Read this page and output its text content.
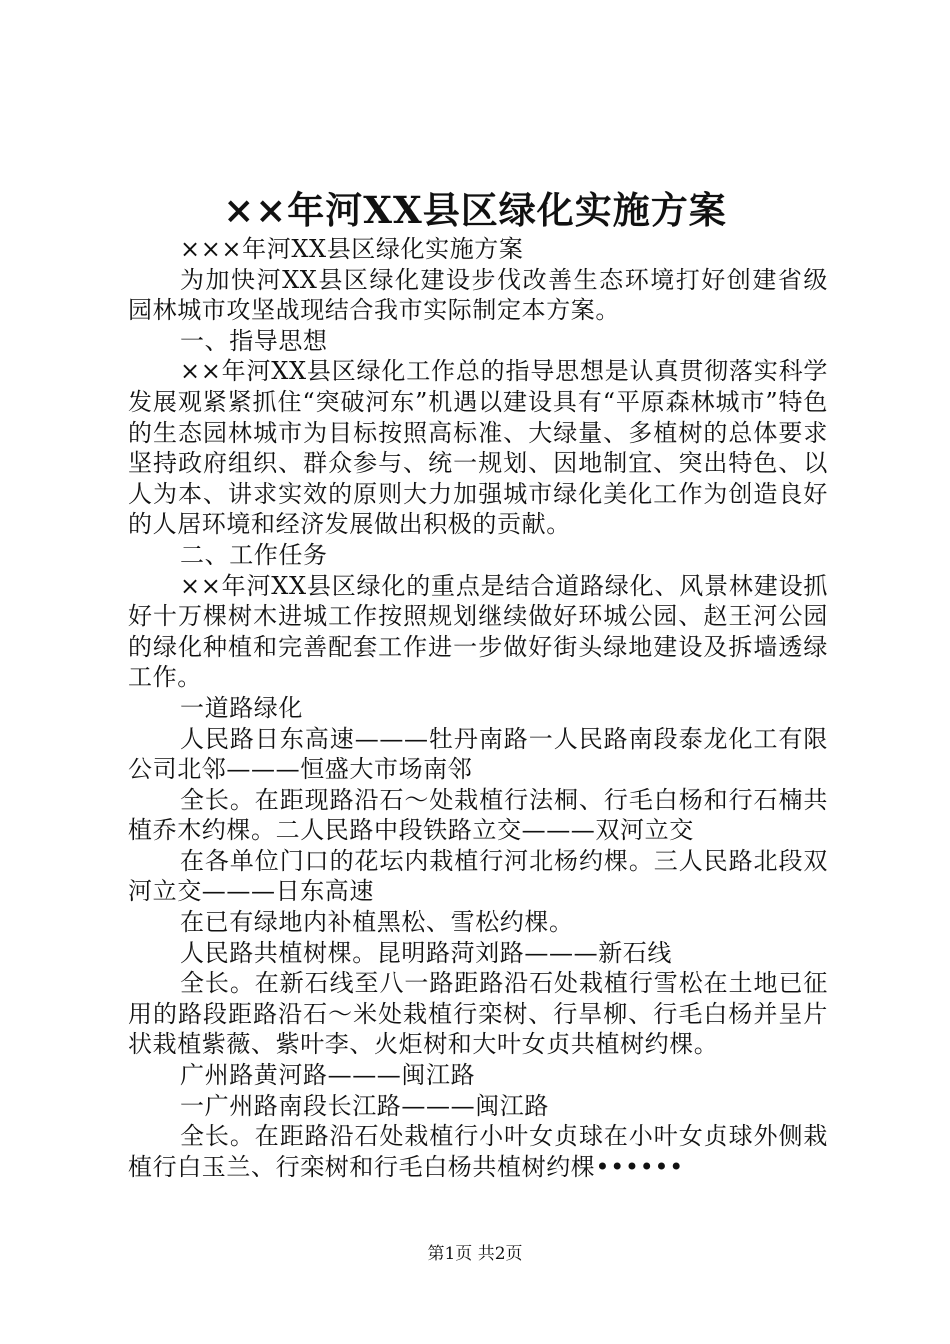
××年河XX县区绿化实施方案

×××年河XX县区绿化实施方案

为加快河XX县区绿化建设步伐改善生态环境打好创建省级园林城市攻坚战现结合我市实际制定本方案。

一、指导思想

××年河XX县区绿化工作总的指导思想是认真贯彻落实科学发展观紧紧抓住“突破河东”机遇以建设具有“平原森林城市”特色的生态园林城市为目标按照高标准、大绿量、多植树的总体要求坚持政府组织、群众参与、统一规划、因地制宜、突出特色、以人为本、讲求实效的原则大力加强城市绿化美化工作为创造良好的人居环境和经济发展做出积极的贡献。

二、工作任务

××年河XX县区绿化的重点是结合道路绿化、风景林建设抓好十万棵树木进城工作按照规划继续做好环城公园、赵王河公园的绿化种植和完善配套工作进一步做好街头绿地建设及拆墙透绿工作。

一道路绿化

人民路日东高速———牡丹南路一人民路南段泰龙化工有限公司北邻———恒盛大市场南邻

全长。在距现路沿石～处栽植行法桐、行毛白杨和行石楠共植乔木约棵。二人民路中段铁路立交———双河立交

在各单位门口的花坛内栽植行河北杨约棵。三人民路北段双河立交———日东高速

在已有绿地内补植黑松、雪松约棵。

人民路共植树棵。昆明路菏刘路———新石线

全长。在新石线至八一路距路沿石处栽植行雪松在土地已征用的路段距路沿石～米处栽植行栾树、行旱柳、行毛白杨并呈片状栽植紫薇、紫叶李、火炬树和大叶女贞共植树约棵。

广州路黄河路———闽江路

一广州路南段长江路———闽江路

全长。在距路沿石处栽植行小叶女贞球在小叶女贞球外侧栽植行白玉兰、行栾树和行毛白杨共植树约棵••••••

第1页 共2页
